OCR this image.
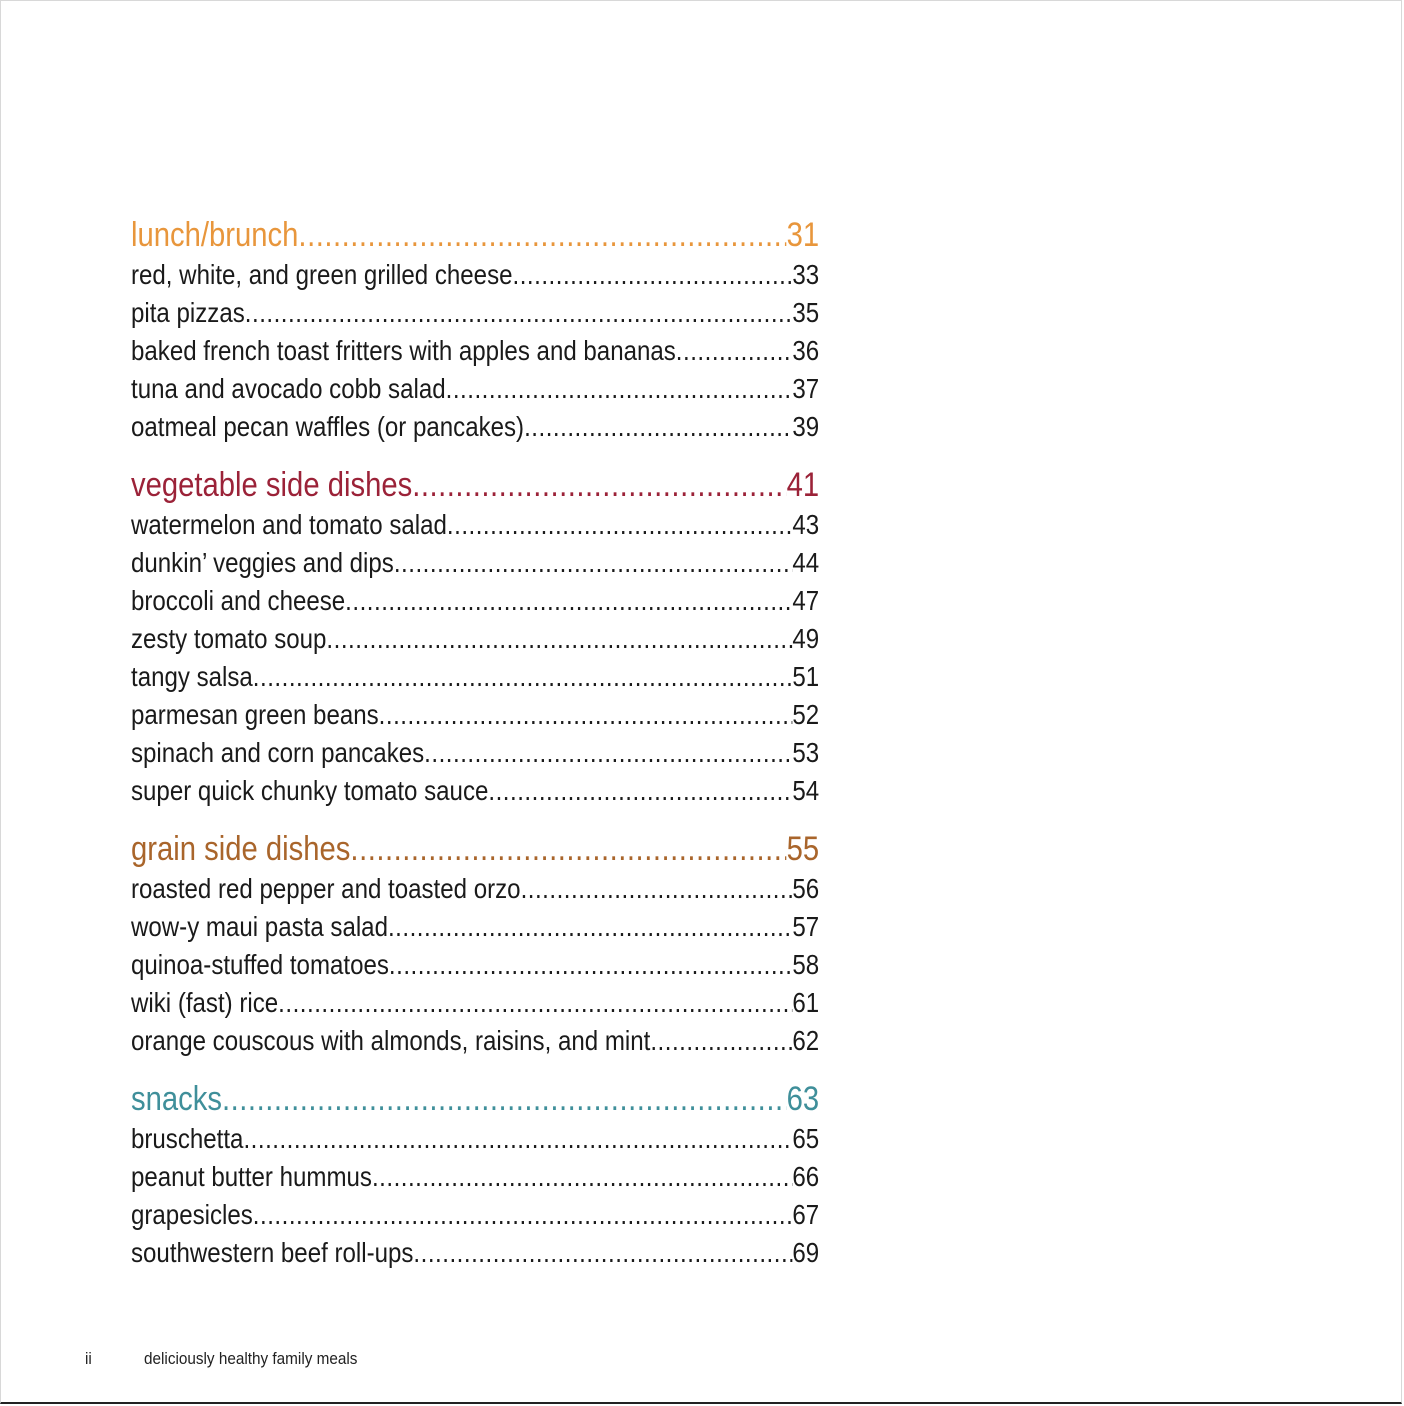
lunch/brunch .....	31
red, white, and green grilled cheese .....	33
pita pizzas .....	35
baked french toast fritters with apples and bananas .....	36
tuna and avocado cobb salad .....	37
oatmeal pecan waffles (or pancakes) .....	39
vegetable side dishes .....	41
watermelon and tomato salad .....	43
dunkin’ veggies and dips .....	44
broccoli and cheese .....	47
zesty tomato soup .....	49
tangy salsa .....	51
parmesan green beans .....	52
spinach and corn pancakes .....	53
super quick chunky tomato sauce .....	54
grain side dishes .....	55
roasted red pepper and toasted orzo .....	56
wow-y maui pasta salad .....	57
quinoa-stuffed tomatoes .....	58
wiki (fast) rice .....	61
orange couscous with almonds, raisins, and mint .....	62
snacks .....	63
bruschetta .....	65
peanut butter hummus .....	66
grapesicles .....	67
southwestern beef roll-ups .....	69
ii	deliciously healthy family meals
